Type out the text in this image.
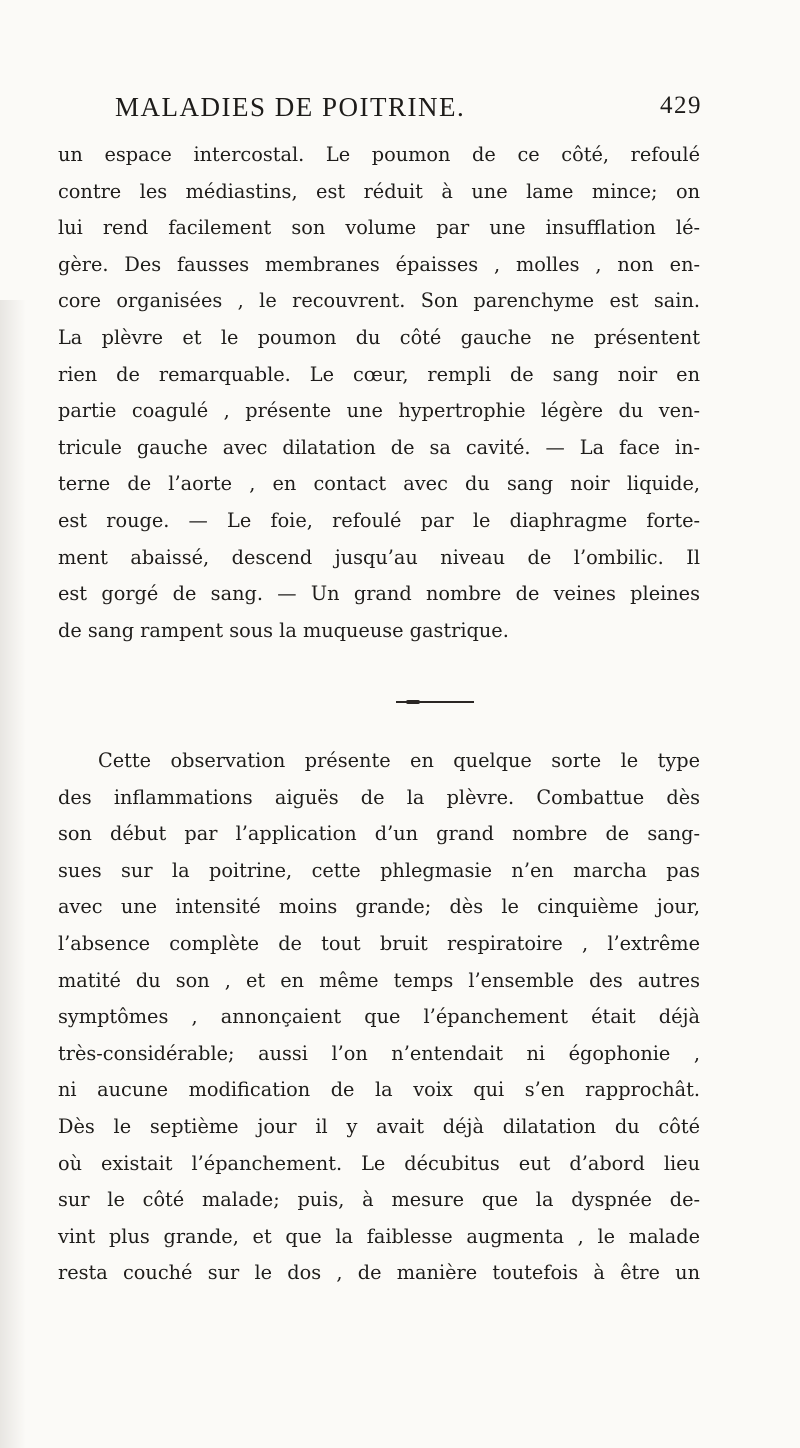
MALADIES DE POITRINE.	429
un espace intercostal. Le poumon de ce côté, refoulé
contre les médiastins, est réduit à une lame mince; on
lui rend facilement son volume par une insufflation lé-
gère. Des fausses membranes épaisses , molles , non en-
core organisées , le recouvrent. Son parenchyme est sain.
La plèvre et le poumon du côté gauche ne présentent
rien de remarquable. Le cœur, rempli de sang noir en
partie coagulé , présente une hypertrophie légère du ven-
tricule gauche avec dilatation de sa cavité. — La face in-
terne de l’aorte , en contact avec du sang noir liquide,
est rouge. — Le foie, refoulé par le diaphragme forte-
ment abaissé, descend jusqu’au niveau de l’ombilic. Il
est gorgé de sang. — Un grand nombre de veines pleines
de sang rampent sous la muqueuse gastrique.
Cette observation présente en quelque sorte le type
des inflammations aiguës de la plèvre. Combattue dès
son début par l’application d’un grand nombre de sang-
sues sur la poitrine, cette phlegmasie n’en marcha pas
avec une intensité moins grande; dès le cinquième jour,
l’absence complète de tout bruit respiratoire , l’extrême
matité du son , et en même temps l’ensemble des autres
symptômes , annonçaient que l’épanchement était déjà
très-considérable; aussi l’on n’entendait ni égophonie ,
ni aucune modification de la voix qui s’en rapprochât.
Dès le septième jour il y avait déjà dilatation du côté
où existait l’épanchement. Le décubitus eut d’abord lieu
sur le côté malade; puis, à mesure que la dyspnée de-
vint plus grande, et que la faiblesse augmenta , le malade
resta couché sur le dos , de manière toutefois à être un
